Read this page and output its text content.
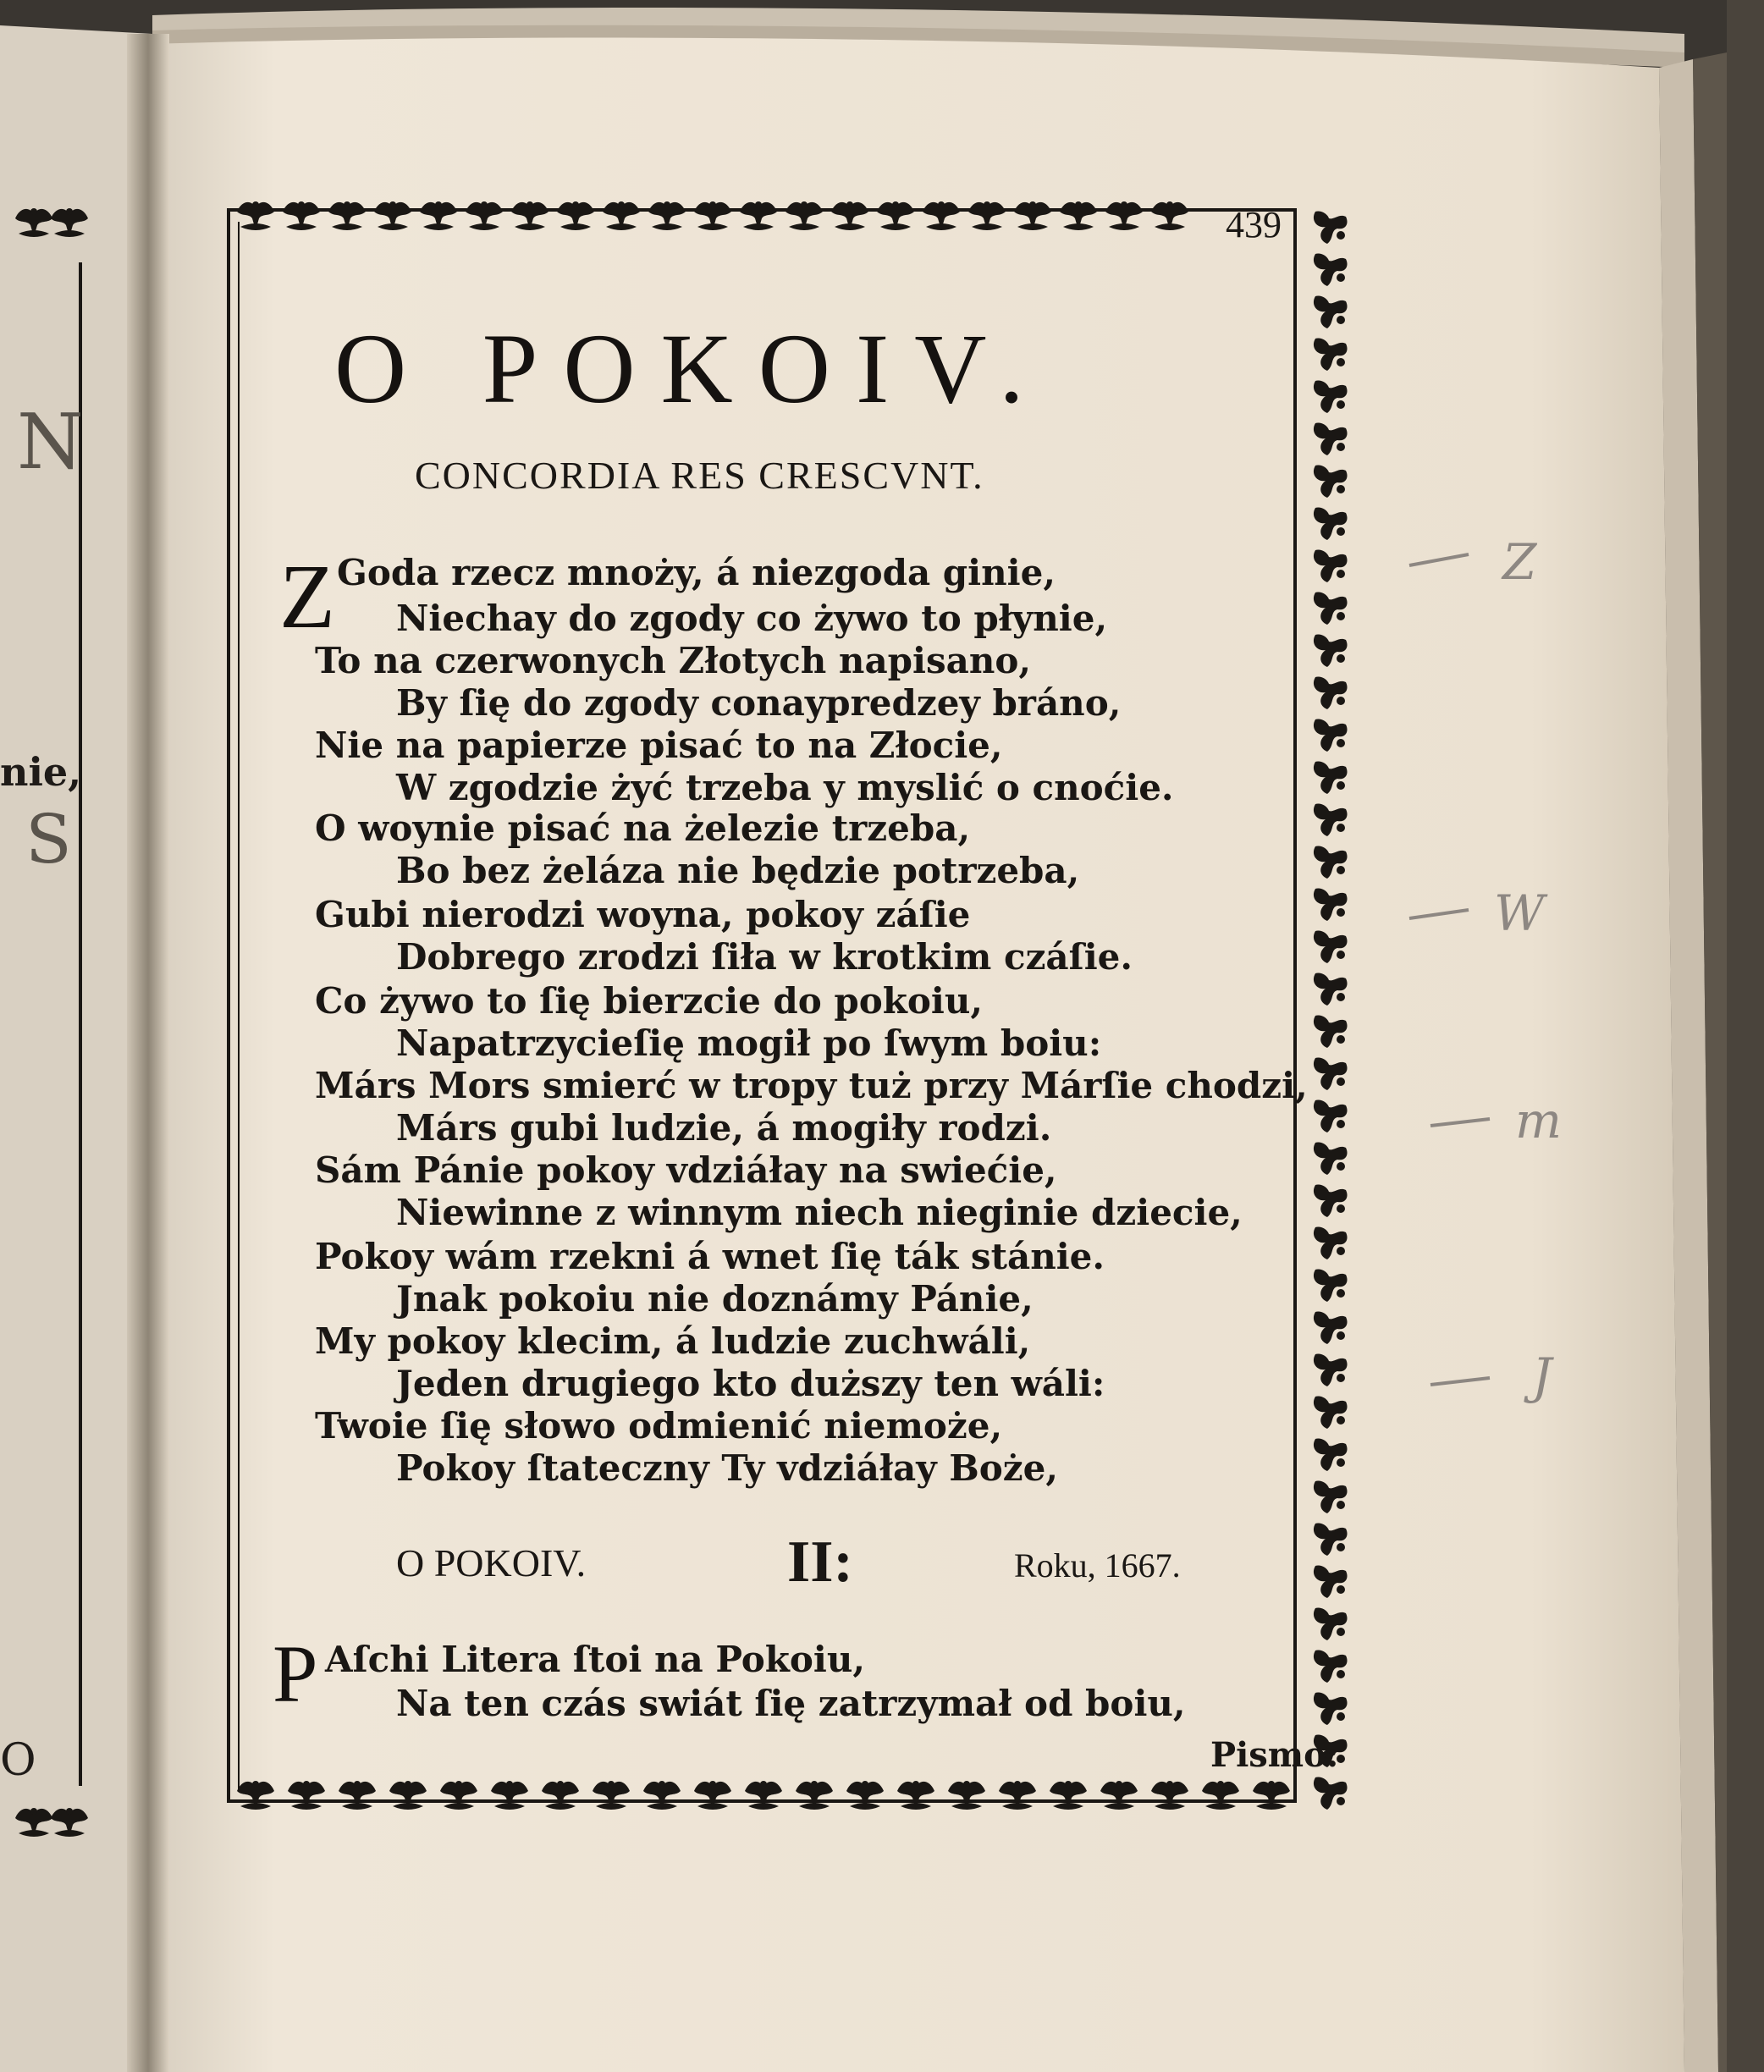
N
nie,
S
O
439
O POKOIV.
CONCORDIA RES CRESCVNT.
Z Goda rzecz mnoży, á niezgoda ginie,
Niechay do zgody co żywo to płynie,
To na czerwonych Złotych napisano,
By ſię do zgody conaypredzey bráno,
Nie na papierze pisać to na Złocie,
W zgodzie żyć trzeba y myslić o cnoćie.
O woynie pisać na żelezie trzeba,
Bo bez żeláza nie będzie potrzeba,
Gubi nierodzi woyna, pokoy záſie
Dobrego zrodzi ſiła w krotkim czáſie.
Co żywo to ſię bierzcie do pokoiu,
Napatrzycieſię mogił po ſwym boiu:
Márs Mors smierć w tropy tuż przy Márſie chodzi,
Márs gubi ludzie, á mogiły rodzi.
Sám Pánie pokoy vdziáłay na swiećie,
Niewinne z winnym niech nieginie dziecie,
Pokoy wám rzekni á wnet ſię ták stánie.
Jnak pokoiu nie doznámy Pánie,
My pokoy klecim, á ludzie zuchwáli,
Jeden drugiego kto duższy ten wáli:
Twoie ſię słowo odmienić niemoże,
Pokoy ſtateczny Ty vdziáłay Boże,
O POKOIV.	II:	Roku, 1667.
P Aſchi Litera ſtoi na Pokoiu,
Na ten czás swiát ſię zatrzymał od boiu,
Pismo:
Z
W
m
J
